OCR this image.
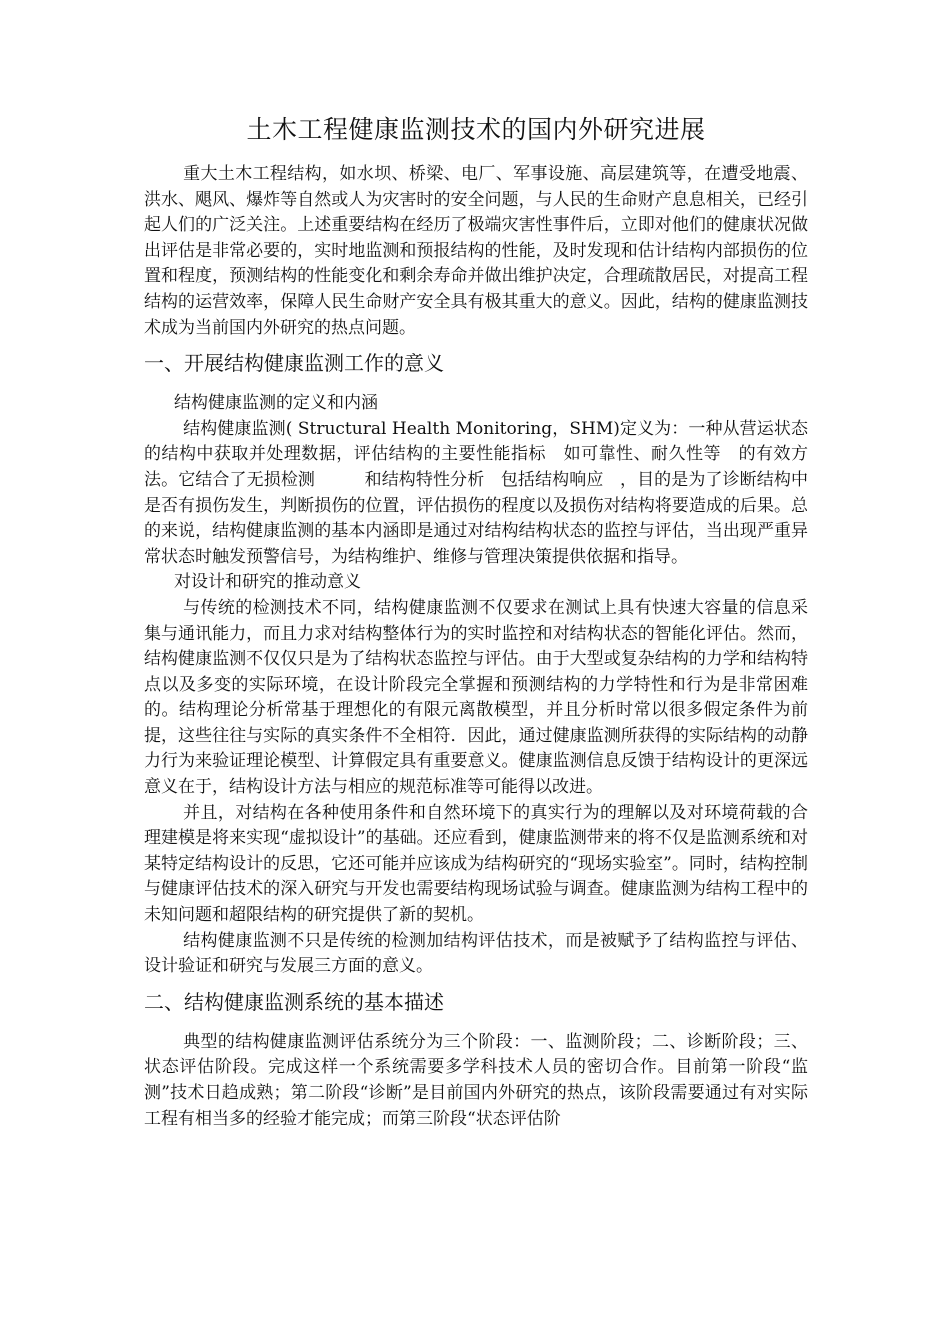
土木工程健康监测技术的国内外研究进展

重大土木工程结构，如水坝、桥梁、电厂、军事设施、高层建筑等，在遭受地震、洪水、飓风、爆炸等自然或人为灾害时的安全问题，与人民的生命财产息息相关，已经引起人们的广泛关注。上述重要结构在经历了极端灾害性事件后，立即对他们的健康状况做出评估是非常必要的，实时地监测和预报结构的性能，及时发现和估计结构内部损伤的位置和程度，预测结构的性能变化和剩余寿命并做出维护决定，合理疏散居民，对提高工程结构的运营效率，保障人民生命财产安全具有极其重大的意义。因此，结构的健康监测技术成为当前国内外研究的热点问题。

一、开展结构健康监测工作的意义
结构健康监测的定义和内涵

结构健康监测( Structural Health Monitoring，SHM)定义为：一种从营运状态的结构中获取并处理数据，评估结构的主要性能指标   如可靠性、耐久性等   的有效方法。它结合了无损检测         和结构特性分析   包括结构响应   ，目的是为了诊断结构中是否有损伤发生，判断损伤的位置，评估损伤的程度以及损伤对结构将要造成的后果。总的来说，结构健康监测的基本内涵即是通过对结构结构状态的监控与评估，当出现严重异常状态时触发预警信号，为结构维护、维修与管理决策提供依据和指导。

对设计和研究的推动意义

与传统的检测技术不同，结构健康监测不仅要求在测试上具有快速大容量的信息采集与通讯能力，而且力求对结构整体行为的实时监控和对结构状态的智能化评估。然而，结构健康监测不仅仅只是为了结构状态监控与评估。由于大型或复杂结构的力学和结构特点以及多变的实际环境，在设计阶段完全掌握和预测结构的力学特性和行为是非常困难的。结构理论分析常基于理想化的有限元离散模型，并且分析时常以很多假定条件为前提，这些往往与实际的真实条件不全相符．因此，通过健康监测所获得的实际结构的动静力行为来验证理论模型、计算假定具有重要意义。健康监测信息反馈于结构设计的更深远意义在于，结构设计方法与相应的规范标准等可能得以改进。

并且，对结构在各种使用条件和自然环境下的真实行为的理解以及对环境荷载的合理建模是将来实现“虚拟设计”的基础。还应看到，健康监测带来的将不仅是监测系统和对某特定结构设计的反思，它还可能并应该成为结构研究的“现场实验室”。同时，结构控制与健康评估技术的深入研究与开发也需要结构现场试验与调查。健康监测为结构工程中的未知问题和超限结构的研究提供了新的契机。

结构健康监测不只是传统的检测加结构评估技术，而是被赋予了结构监控与评估、设计验证和研究与发展三方面的意义。

二、结构健康监测系统的基本描述

典型的结构健康监测评估系统分为三个阶段：一、监测阶段；二、诊断阶段；三、状态评估阶段。完成这样一个系统需要多学科技术人员的密切合作。目前第一阶段“监测”技术日趋成熟；第二阶段“诊断”是目前国内外研究的热点，该阶段需要通过有对实际工程有相当多的经验才能完成；而第三阶段“状态评估阶
